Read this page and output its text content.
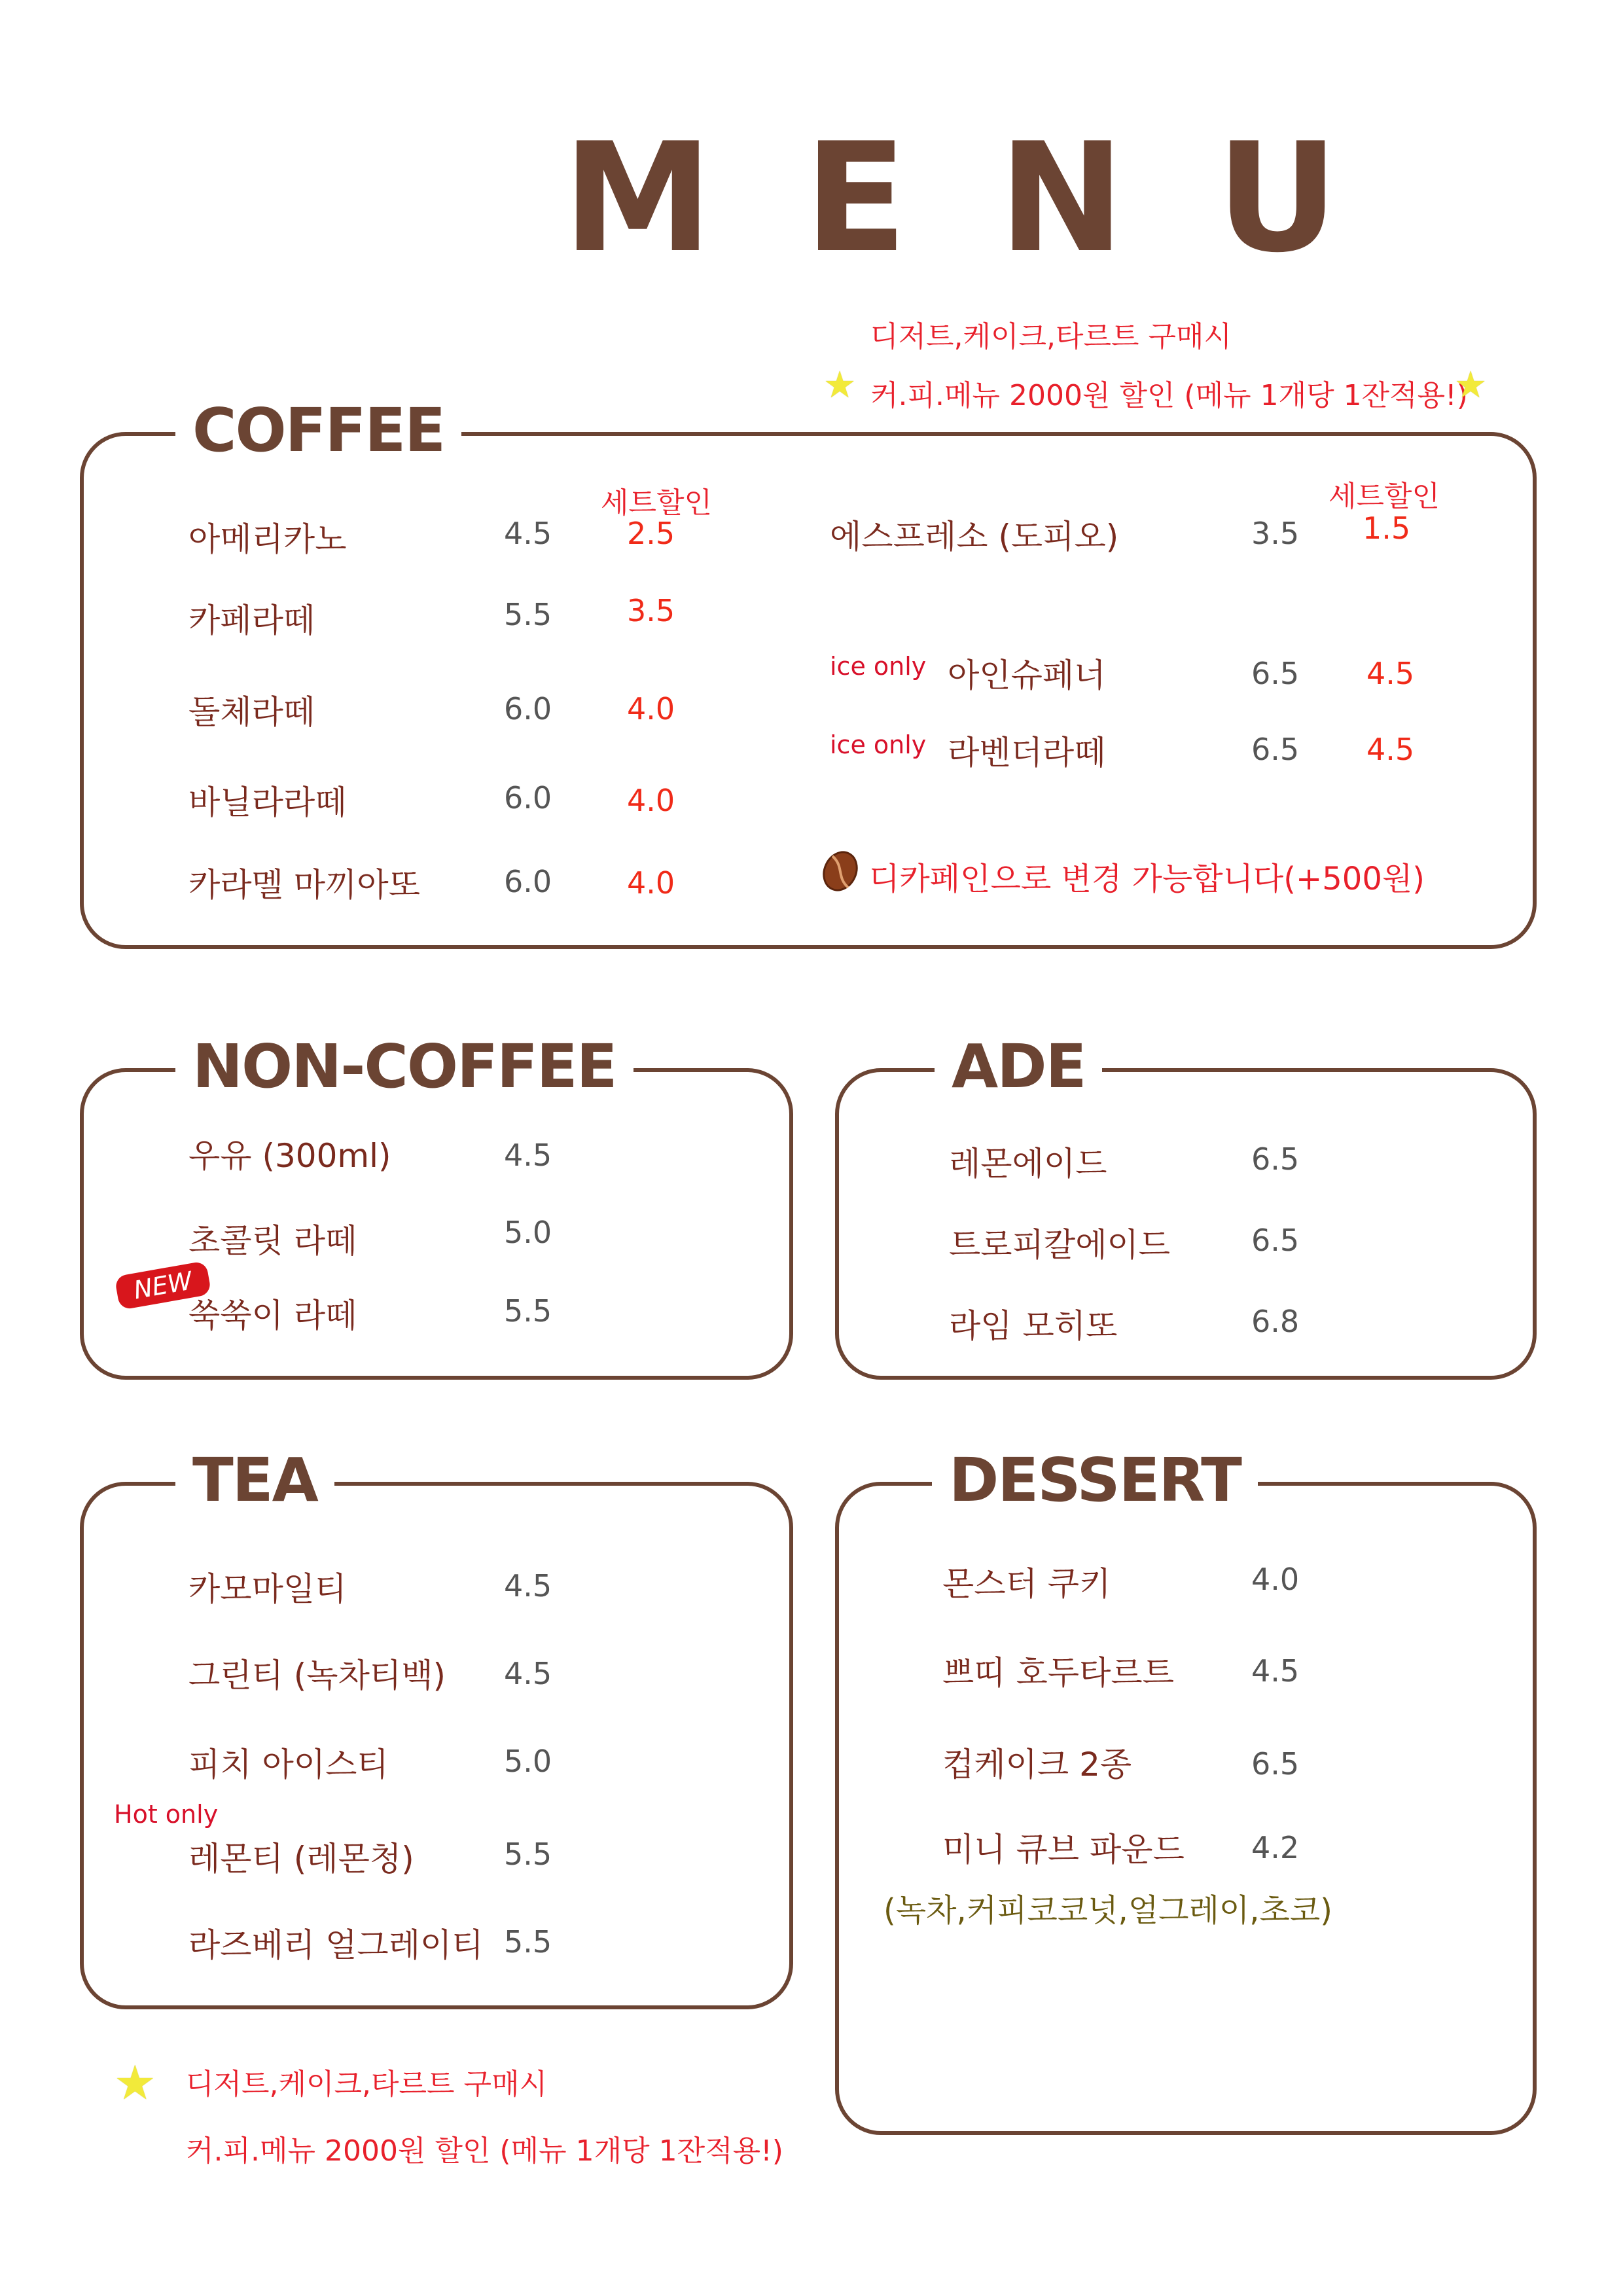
MENU
디저트,케이크,타르트 구매시
★ 커.피.메뉴 2000원 할인 (메뉴 1개당 1잔적용!)
★
COFFEE
세트할인	세트할인
아메리카노	4.5 2.5
카페라떼	5.5 3.5
돌체라떼	6.0 4.0
바닐라라떼	6.0 4.0
카라멜 마끼아또	6.0 4.0
에스프레소 (도피오)	3.5 1.5
ice only 아인슈페너	6.5 4.5
ice only 라벤더라떼	6.5 4.5
디카페인으로 변경 가능합니다(+500원)
NON-COFFEE
우유 (300ml)	4.5
초콜릿 라떼	5.0
NEW
쑥쑥이 라떼	5.5
ADE
레몬에이드	6.5
트로피칼에이드	6.5
라임 모히또	6.8
TEA
카모마일티	4.5
그린티 (녹차티백) 4.5
피치 아이스티	5.0
Hot only
레몬티 (레몬청)	5.5
라즈베리 얼그레이티 5.5
DESSERT
몬스터 쿠키	4.0
쁘띠 호두타르트	4.5
컵케이크 2종	6.5
미니 큐브 파운드 4.2
(녹차,커피코코넛,얼그레이,초코)
★ 디저트,케이크,타르트 구매시
커.피.메뉴 2000원 할인 (메뉴 1개당 1잔적용!)
